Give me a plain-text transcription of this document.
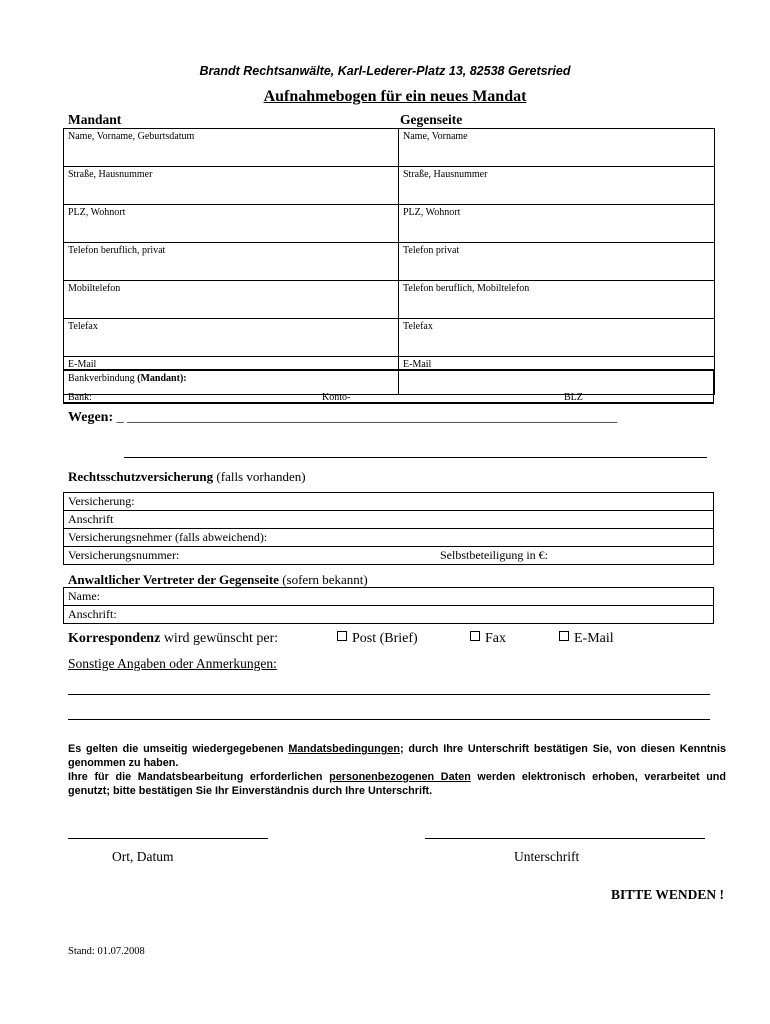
Brandt Rechtsanwälte, Karl-Lederer-Platz 13, 82538 Geretsried
Aufnahmebogen für ein neues Mandat
Mandant	Gegenseite
Name, Vorname, Geburtsdatum	Name, Vorname
Straße, Hausnummer	Straße, Hausnummer
PLZ, Wohnort	PLZ, Wohnort
Telefon beruflich, privat	Telefon privat
Mobiltelefon	Telefon beruflich, Mobiltelefon
Telefax	Telefax
E-Mail	E-Mail
Bankverbindung (Mandant):
Bank:	Konto-	BLZ
Wegen: _ ______________________________________________________________________
Rechtsschutzversicherung (falls vorhanden)
Versicherung:
Anschrift
Versicherungsnehmer (falls abweichend):
Versicherungsnummer:	Selbstbeteiligung in €:
Anwaltlicher Vertreter der Gegenseite (sofern bekannt)
Name:
Anschrift:
Korrespondenz wird gewünscht per:	Post (Brief)	Fax	E-Mail
Sonstige Angaben oder Anmerkungen:
Es gelten die umseitig wiedergegebenen Mandatsbedingungen; durch Ihre Unterschrift bestätigen Sie, von diesen Kenntnis genommen zu haben.
Ihre für die Mandatsbearbeitung erforderlichen personenbezogenen Daten werden elektronisch erhoben, verarbeitet und genutzt; bitte bestätigen Sie Ihr Einverständnis durch Ihre Unterschrift.
Ort, Datum	Unterschrift
BITTE WENDEN !
Stand: 01.07.2008
